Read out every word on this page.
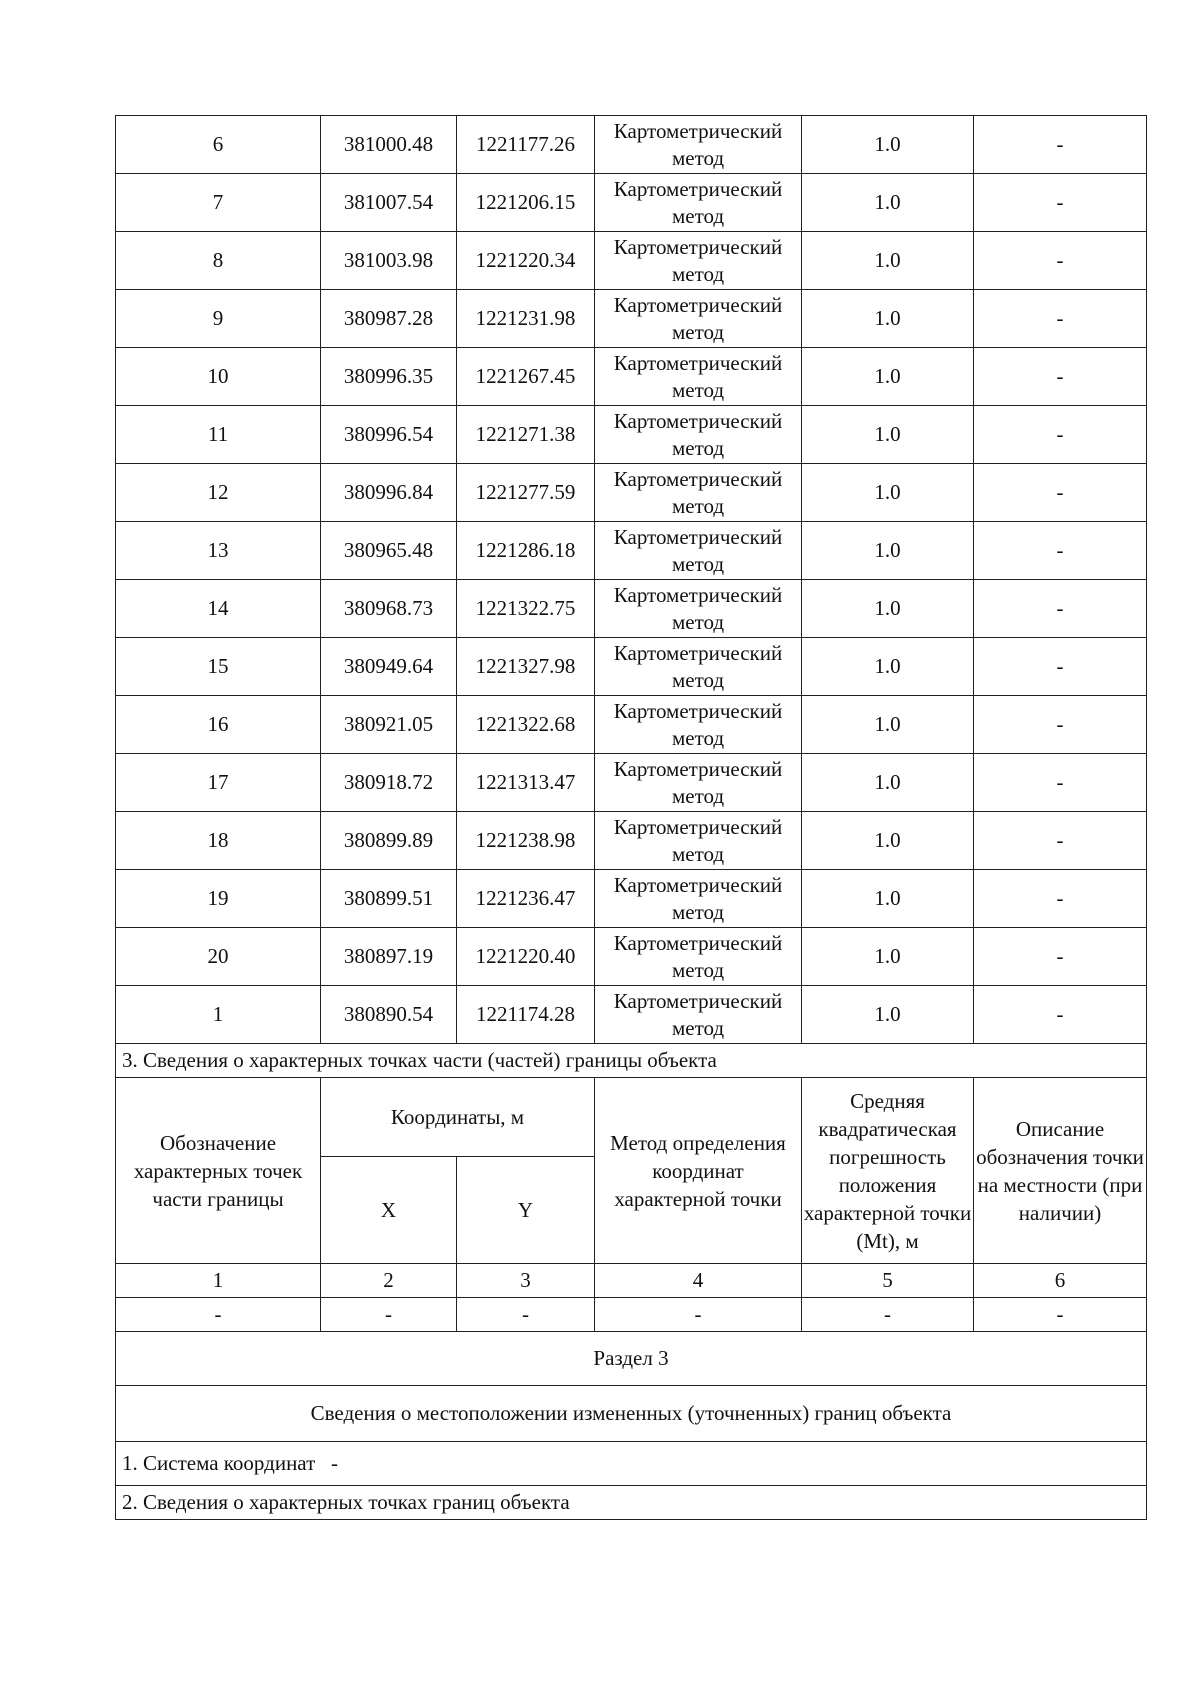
6	381000.48	1221177.26	Картометрический метод	1.0	-
7	381007.54	1221206.15	Картометрический метод	1.0	-
8	381003.98	1221220.34	Картометрический метод	1.0	-
9	380987.28	1221231.98	Картометрический метод	1.0	-
10	380996.35	1221267.45	Картометрический метод	1.0	-
11	380996.54	1221271.38	Картометрический метод	1.0	-
12	380996.84	1221277.59	Картометрический метод	1.0	-
13	380965.48	1221286.18	Картометрический метод	1.0	-
14	380968.73	1221322.75	Картометрический метод	1.0	-
15	380949.64	1221327.98	Картометрический метод	1.0	-
16	380921.05	1221322.68	Картометрический метод	1.0	-
17	380918.72	1221313.47	Картометрический метод	1.0	-
18	380899.89	1221238.98	Картометрический метод	1.0	-
19	380899.51	1221236.47	Картометрический метод	1.0	-
20	380897.19	1221220.40	Картометрический метод	1.0	-
1	380890.54	1221174.28	Картометрический метод	1.0	-
3. Сведения о характерных точках части (частей) границы объекта					
Обозначение характерных точек части границы	Координаты, м		Метод определения координат характерной точки	Средняя квадратическая погрешность положения характерной точки (Mt), м	Описание обозначения точки на местности (при наличии)
	X	Y			
1	2	3	4	5	6
-	-	-	-	-	-
Раздел 3					
Сведения о местоположении измененных (уточненных) границ объекта					
1. Система координат   -					
2. Сведения о характерных точках границ объекта					
